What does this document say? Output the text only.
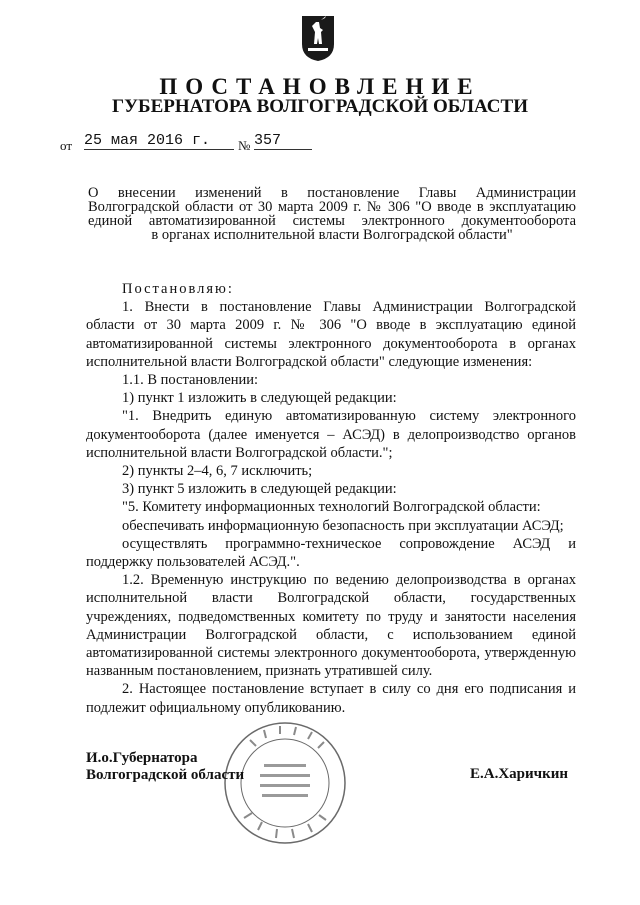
ПОСТАНОВЛЕНИЕ
ГУБЕРНАТОРА ВОЛГОГРАДСКОЙ ОБЛАСТИ
от 25 мая 2016 г.	№ 357

О внесении изменений в постановление Главы Администрации

Волгоградской области от 30 марта 2009 г. № 306 "О вводе в эксплуатацию

единой автоматизированной системы электронного документооборота

в органах исполнительной власти Волгоградской области"

Постановляю:

1. Внести в постановление Главы Администрации Волгоградской области от 30 марта 2009 г. № 306 "О вводе в эксплуатацию единой автоматизированной системы электронного документооборота в органах исполнительной власти Волгоградской области" следующие изменения:

1.1. В постановлении:

1) пункт 1 изложить в следующей редакции:

"1. Внедрить единую автоматизированную систему электронного документооборота (далее именуется – АСЭД) в делопроизводство органов исполнительной власти Волгоградской области.";

2) пункты 2–4, 6, 7 исключить;

3) пункт 5 изложить в следующей редакции:

"5. Комитету информационных технологий Волгоградской области:

обеспечивать информационную безопасность при эксплуатации АСЭД;

осуществлять программно-техническое сопровождение АСЭД и поддержку пользователей АСЭД.".

1.2. Временную инструкцию по ведению делопроизводства в органах исполнительной власти Волгоградской области, государственных учреждениях, подведомственных комитету по труду и занятости населения Администрации Волгоградской области, с использованием единой автоматизированной системы электронного документооборота, утвержденную названным постановлением, признать утратившей силу.

2. Настоящее постановление вступает в силу со дня его подписания и подлежит официальному опубликованию.

И.о.Губернатора
Волгоградской области	Е.А.Харичкин
